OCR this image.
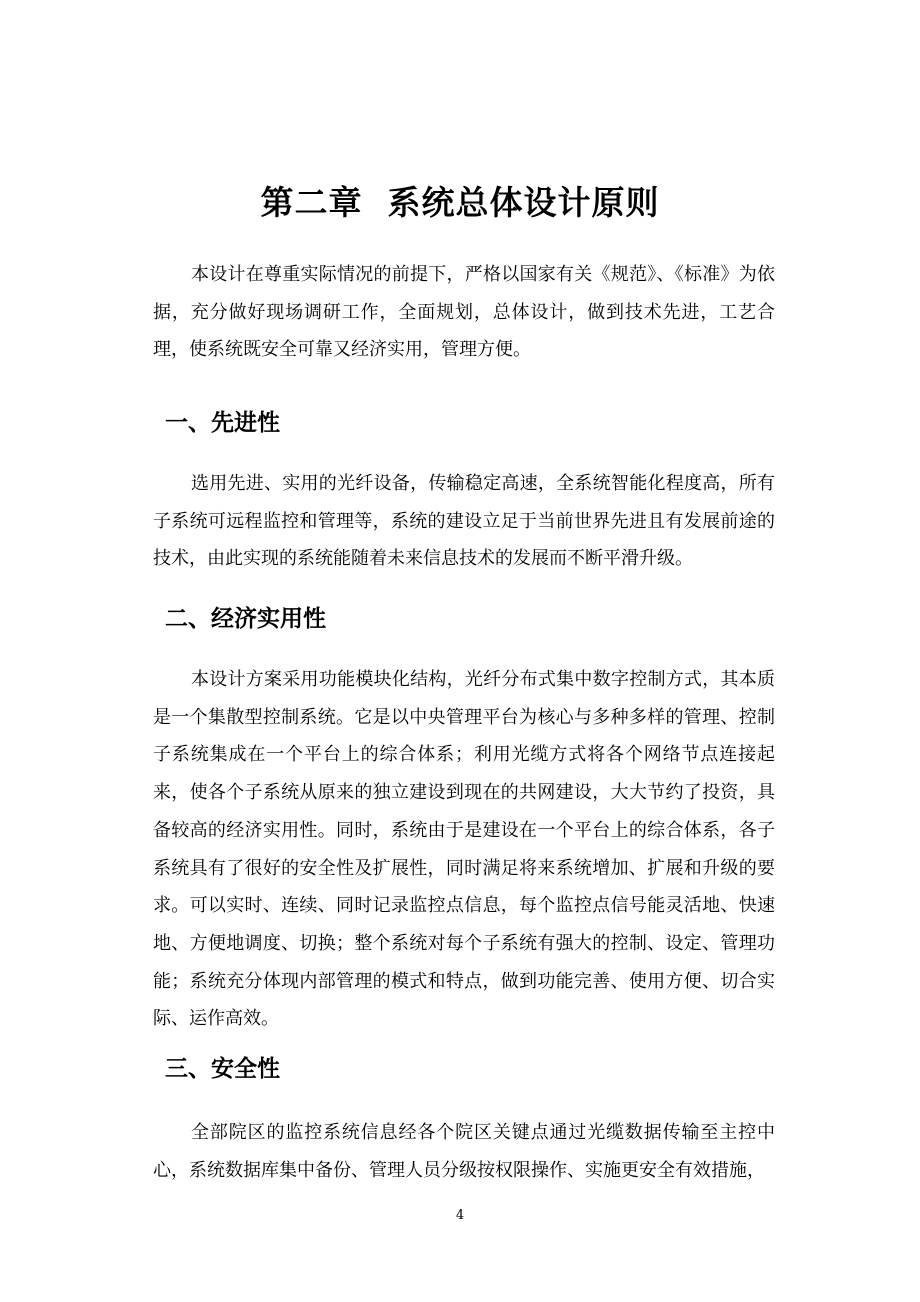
第二章  系统总体设计原则

本设计在尊重实际情况的前提下，严格以国家有关《规范》、《标准》为依据，充分做好现场调研工作，全面规划，总体设计，做到技术先进，工艺合理，使系统既安全可靠又经济实用，管理方便。

一、先进性

选用先进、实用的光纤设备，传输稳定高速，全系统智能化程度高，所有子系统可远程监控和管理等，系统的建设立足于当前世界先进且有发展前途的技术，由此实现的系统能随着未来信息技术的发展而不断平滑升级。

二、经济实用性

本设计方案采用功能模块化结构，光纤分布式集中数字控制方式，其本质是一个集散型控制系统。它是以中央管理平台为核心与多种多样的管理、控制子系统集成在一个平台上的综合体系；利用光缆方式将各个网络节点连接起来，使各个子系统从原来的独立建设到现在的共网建设，大大节约了投资，具备较高的经济实用性。同时，系统由于是建设在一个平台上的综合体系，各子系统具有了很好的安全性及扩展性，同时满足将来系统增加、扩展和升级的要求。可以实时、连续、同时记录监控点信息，每个监控点信号能灵活地、快速地、方便地调度、切换；整个系统对每个子系统有强大的控制、设定、管理功能；系统充分体现内部管理的模式和特点，做到功能完善、使用方便、切合实际、运作高效。

三、安全性

全部院区的监控系统信息经各个院区关键点通过光缆数据传输至主控中心，系统数据库集中备份、管理人员分级按权限操作、实施更安全有效措施，

4
